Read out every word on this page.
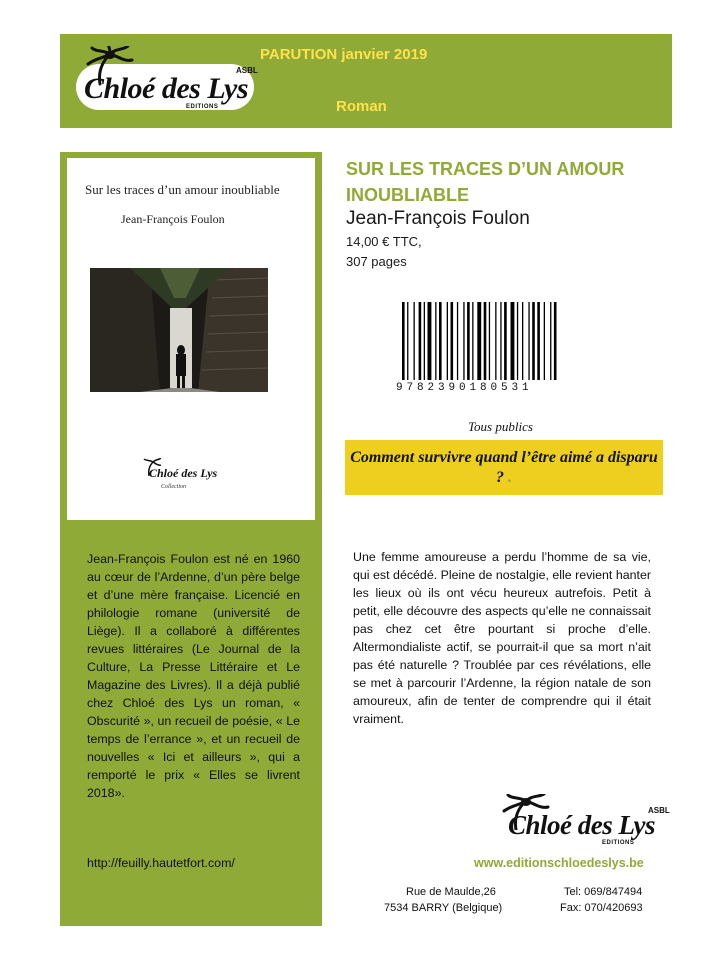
Chloé des Lys
ASBL
EDITIONS
PARUTION janvier 2019
Roman
Sur les traces d’un amour inoubliable
Jean-François Foulon
Chloé des Lys
Collection
Jean-François Foulon est né en 1960 au cœur de l’Ardenne, d’un père belge et d’une mère française. Licencié en philologie romane (université de Liège). Il a collaboré à différentes revues littéraires (Le Journal de la Culture, La Presse Littéraire et Le Magazine des Livres). Il a déjà publié chez Chloé des Lys un roman, « Obscurité », un recueil de poésie, « Le temps de l’errance », et un recueil de nouvelles « Ici et ailleurs », qui a remporté le prix « Elles se livrent 2018».
http://feuilly.hautetfort.com/
SUR LES TRACES D’UN AMOUR INOUBLIABLE
Jean-François Foulon
14,00 € TTC,
307 pages
9782390180531
Tous publics
Comment survivre quand l’être aimé a disparu ? .
Une femme amoureuse a perdu l’homme de sa vie, qui est décédé. Pleine de nostalgie, elle revient hanter les lieux où ils ont vécu heureux autrefois. Petit à petit, elle découvre des aspects qu’elle ne connaissait pas chez cet être pourtant si proche d’elle. Altermondialiste actif, se pourrait-il que sa mort n’ait pas été naturelle ? Troublée par ces révélations, elle se met à parcourir l’Ardenne, la région natale de son amoureux, afin de tenter de comprendre qui il était vraiment.
Chloé des Lys
ASBL
EDITIONS
www.editionschloedeslys.be
Rue de Maulde,26
7534 BARRY (Belgique)
Tel: 069/847494
Fax: 070/420693
